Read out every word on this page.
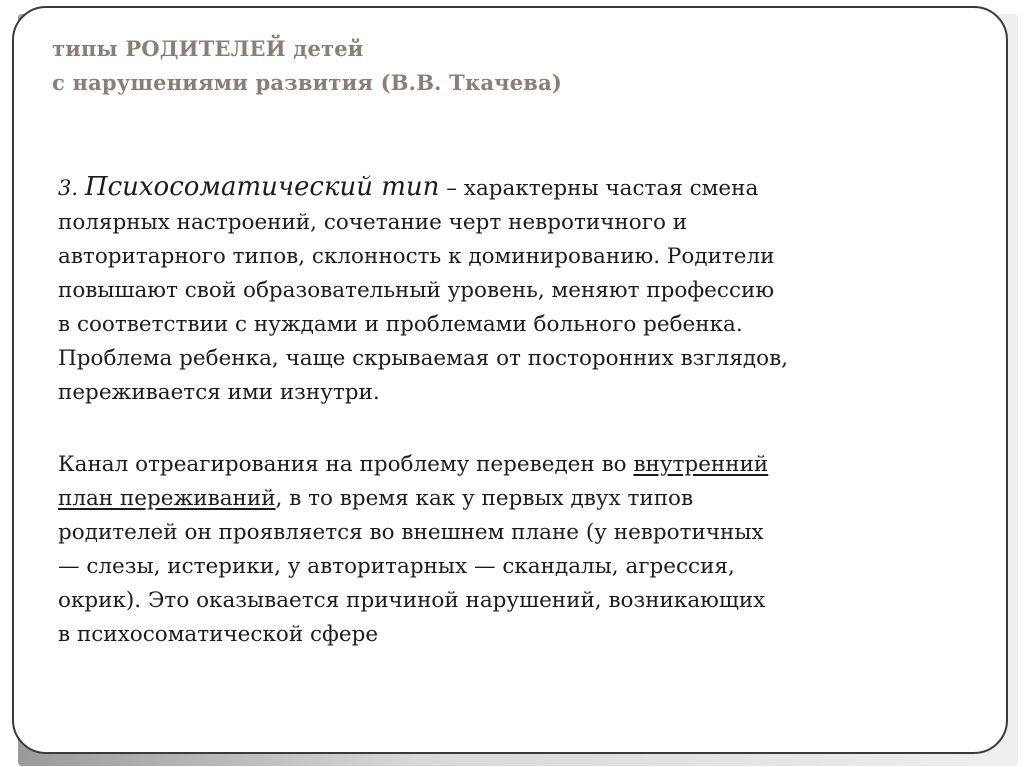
типы РОДИТЕЛЕЙ детей
с нарушениями развития (В.В. Ткачева)

3. Психосоматический тип – характерны частая смена
полярных настроений, сочетание черт невротичного и
авторитарного типов, склонность к доминированию. Родители
повышают свой образовательный уровень, меняют профессию
в соответствии с нуждами и проблемами больного ребенка.
Проблема ребенка, чаще скрываемая от посторонних взглядов,
переживается ими изнутри.

Канал отреагирования на проблему переведен во внутренний
план переживаний, в то время как у первых двух типов
родителей он проявляется во внешнем плане (у невротичных
— слезы, истерики, у авторитарных — скандалы, агрессия,
окрик). Это оказывается причиной нарушений, возникающих
в психосоматической сфере
